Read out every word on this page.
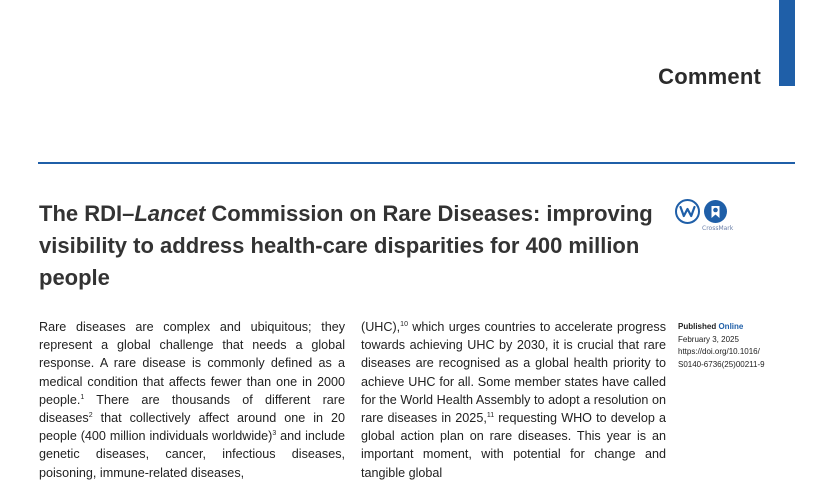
Comment
The RDI–Lancet Commission on Rare Diseases: improving visibility to address health-care disparities for 400 million people
CrossMark

Rare diseases are complex and ubiquitous; they represent a global challenge that needs a global response. A rare disease is commonly defined as a medical condition that affects fewer than one in 2000 people.$^1$ There are thousands of different rare diseases$^2$ that collectively affect around one in 20 people (400 million individuals worldwide)$^3$ and include genetic diseases, cancer, infectious diseases, poisoning, immune-related diseases,

(UHC),$^{10}$ which urges countries to accelerate progress towards achieving UHC by 2030, it is crucial that rare diseases are recognised as a global health priority to achieve UHC for all. Some member states have called for the World Health Assembly to adopt a resolution on rare diseases in 2025,11 requesting WHO to develop a global action plan on rare diseases. This year is an important moment, with potential for change and tangible global

Published Online
February 3, 2025
https://doi.org/10.1016/
S0140-6736(25)00211-9
